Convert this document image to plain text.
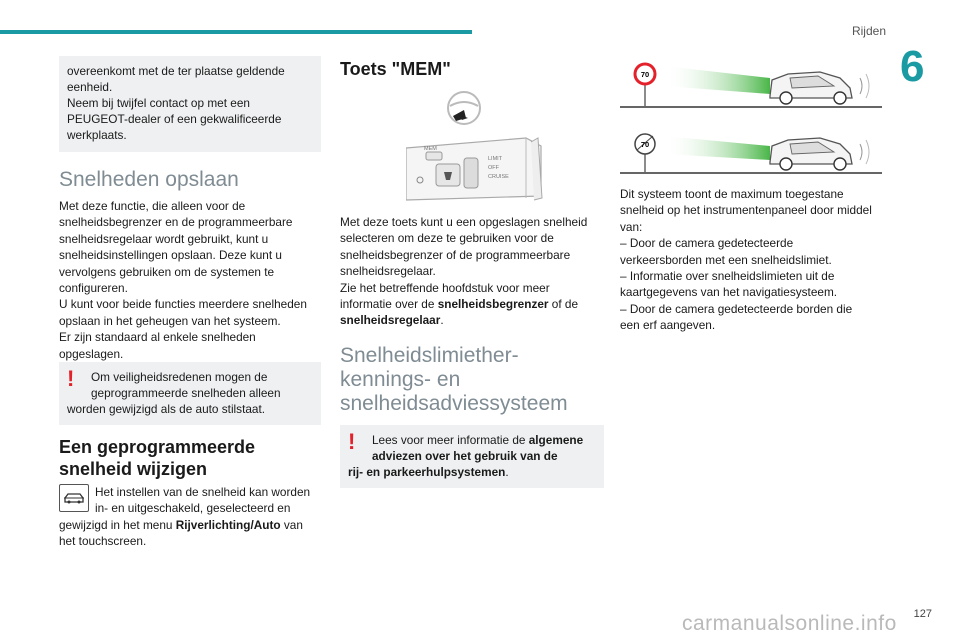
Rijden
6
overeenkomt met de ter plaatse geldende
eenheid.
Neem bij twijfel contact op met een
PEUGEOT-dealer of een gekwalificeerde
werkplaats.
Snelheden opslaan

Met deze functie, die alleen voor de

snelheidsbegrenzer en de programmeerbare

snelheidsregelaar wordt gebruikt, kunt u

snelheidsinstellingen opslaan. Deze kunt u

vervolgens gebruiken om de systemen te

configureren.

U kunt voor beide functies meerdere snelheden

opslaan in het geheugen van het systeem.

Er zijn standaard al enkele snelheden

opgeslagen.

!	Om veiligheidsredenen mogen de
geprogrammeerde snelheden alleen
worden gewijzigd als de auto stilstaat.
Een geprogrammeerde
snelheid wijzigen

Het instellen van de snelheid kan worden

in- en uitgeschakeld, geselecteerd en

gewijzigd in het menu Rijverlichting/Auto van

het touchscreen.

Toets "MEM"
MEM
LIMIT
OFF
CRUISE

Met deze toets kunt u een opgeslagen snelheid

selecteren om deze te gebruiken voor de

snelheidsbegrenzer of de programmeerbare

snelheidsregelaar.

Zie het betreffende hoofdstuk voor meer

informatie over de snelheidsbegrenzer of de

snelheidsregelaar.

Snelheidslimiether-
kennings- en
snelheidsadviessysteem
!	Lees voor meer informatie de algemene
adviezen over het gebruik van de
rij- en parkeerhulpsystemen.
70
70

Dit systeem toont de maximum toegestane

snelheid op het instrumentenpaneel door middel

van:

– Door de camera gedetecteerde

verkeersborden met een snelheidslimiet.

– Informatie over snelheidslimieten uit de

kaartgegevens van het navigatiesysteem.

– Door de camera gedetecteerde borden die

een erf aangeven.

carmanualsonline.info 127
